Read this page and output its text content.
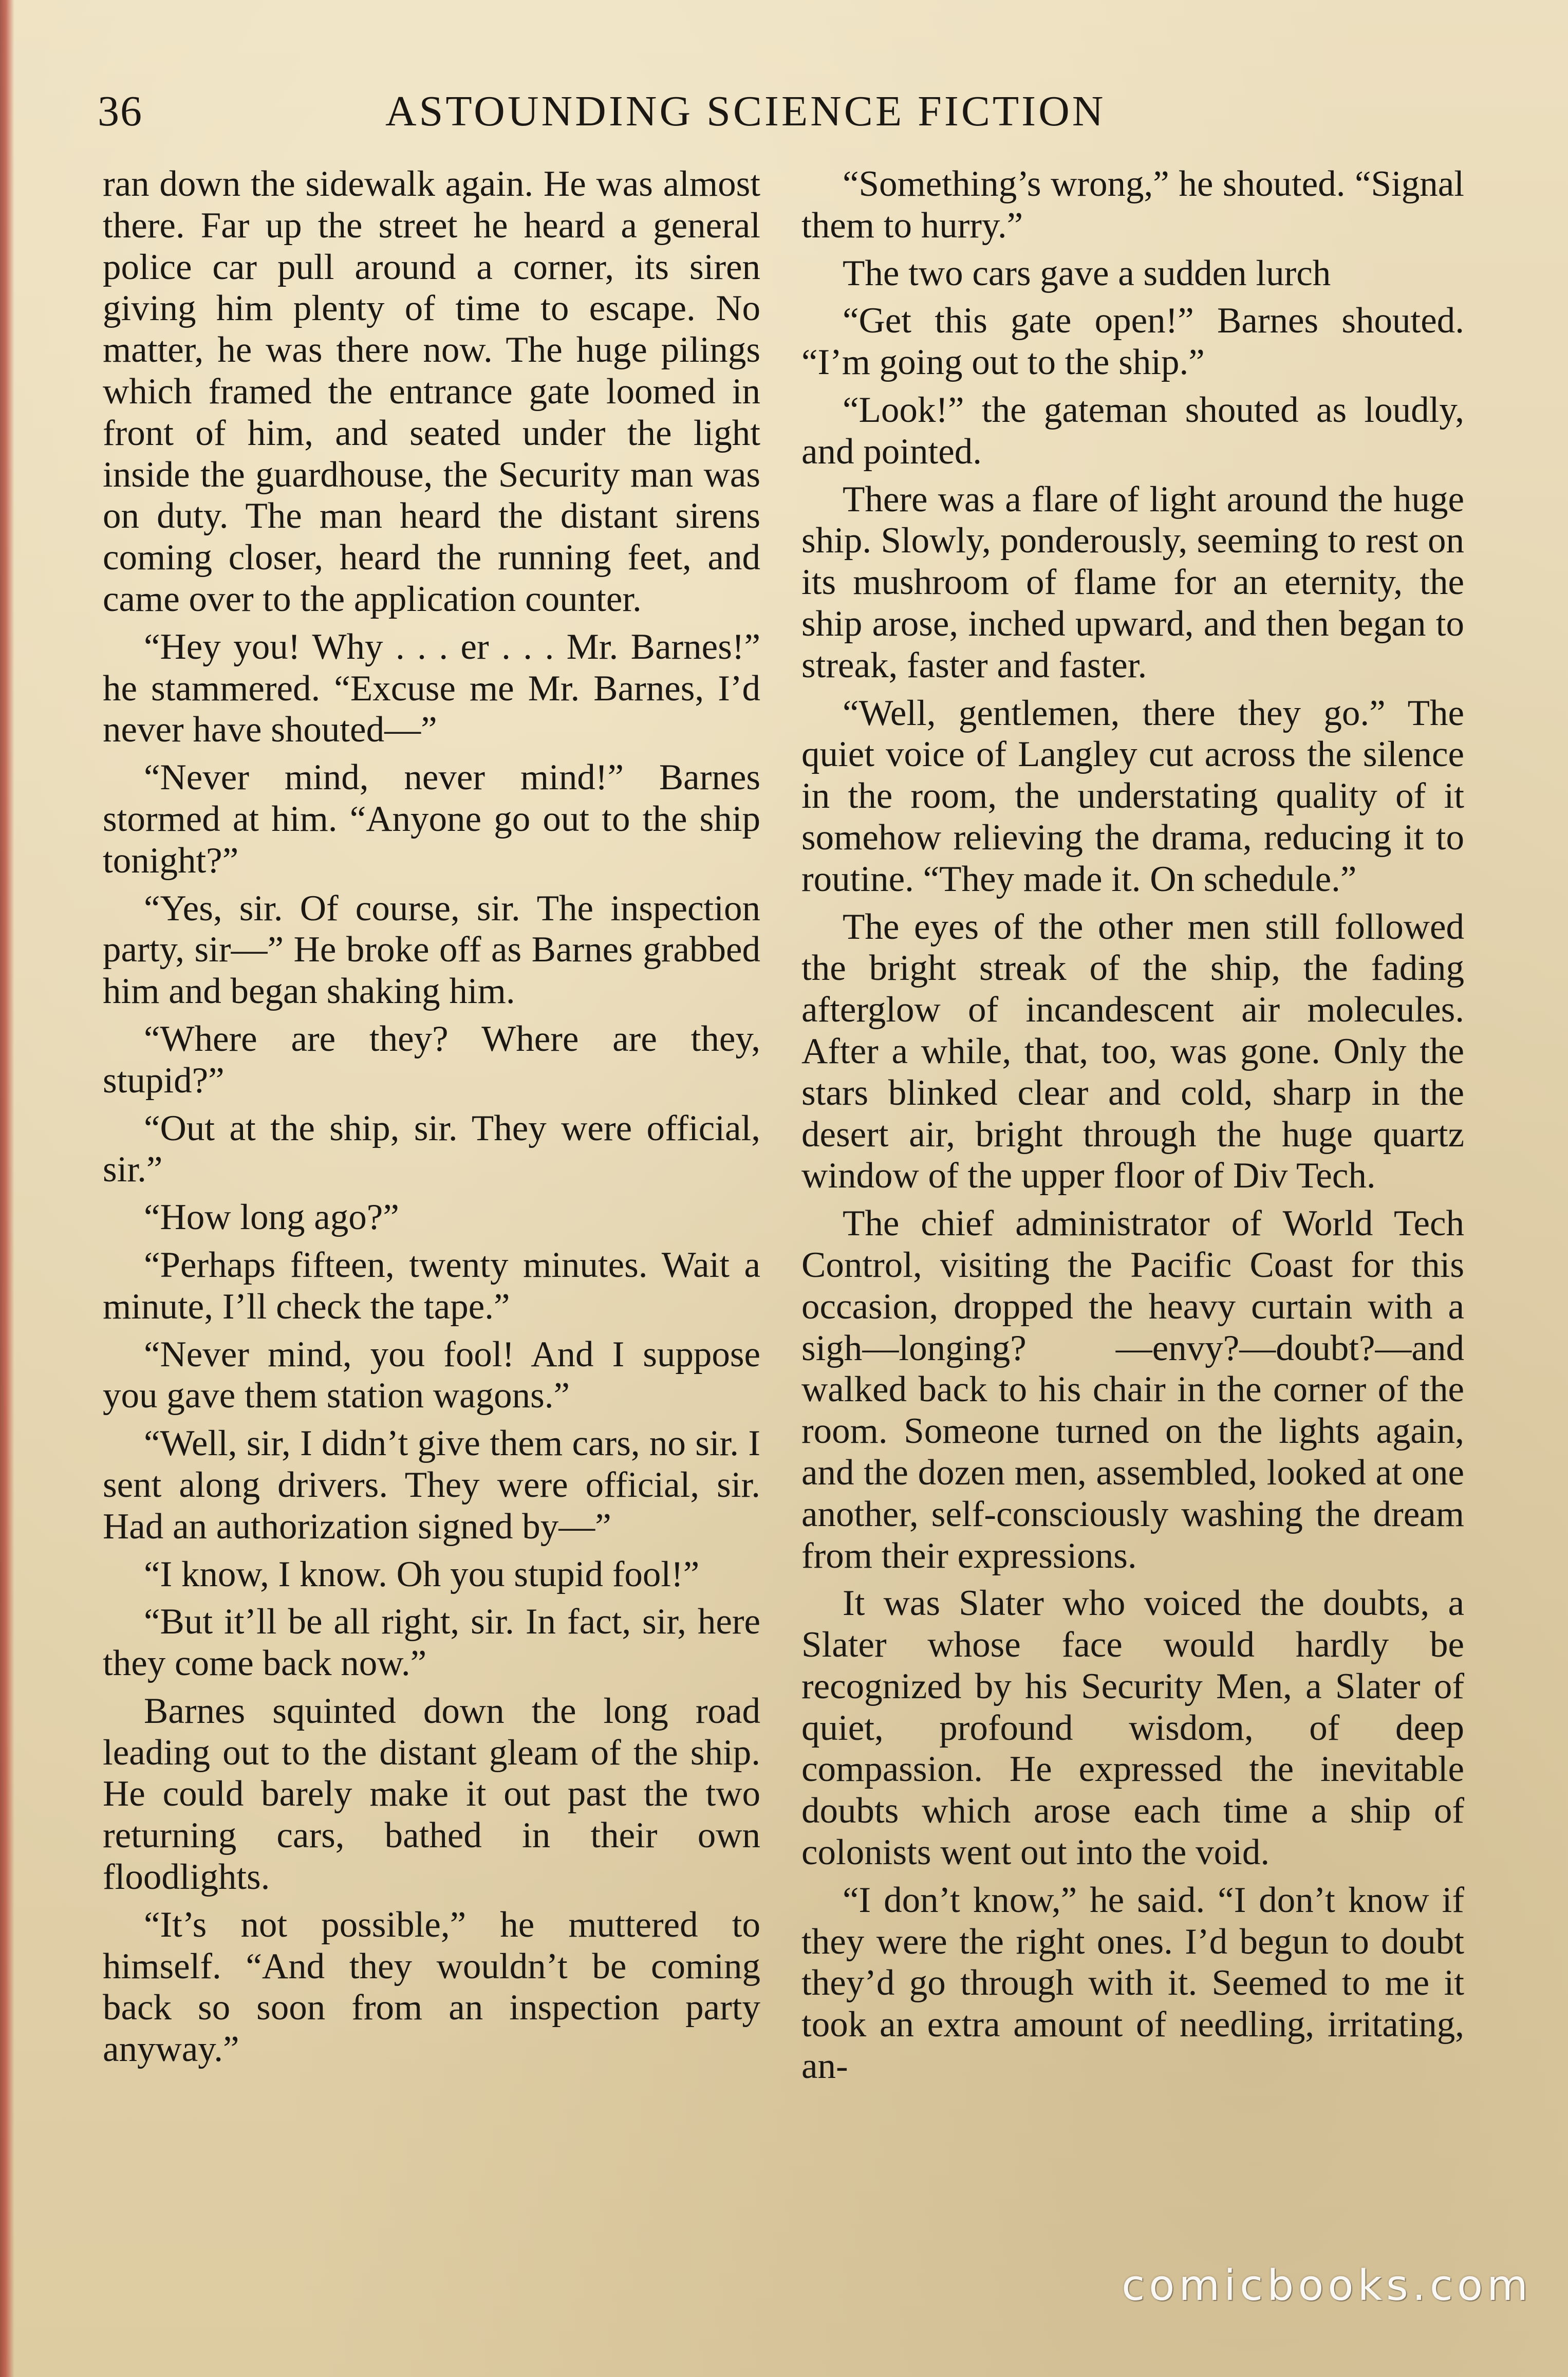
36	ASTOUNDING SCIENCE FICTION

ran down the sidewalk again. He was almost there. Far up the street he heard a general police car pull around a corner, its siren giving him plenty of time to escape. No matter, he was there now. The huge pilings which framed the entrance gate loomed in front of him, and seated under the light inside the guardhouse, the Security man was on duty. The man heard the distant sirens coming closer, heard the running feet, and came over to the application counter.

“Hey you! Why . . . er . . . Mr. Barnes!” he stammered. “Excuse me Mr. Barnes, I’d never have shouted—”

“Never mind, never mind!” Barnes stormed at him. “Anyone go out to the ship tonight?”

“Yes, sir. Of course, sir. The inspection party, sir—” He broke off as Barnes grabbed him and began shaking him.

“Where are they? Where are they, stupid?”

“Out at the ship, sir. They were official, sir.”

“How long ago?”

“Perhaps fifteen, twenty minutes. Wait a minute, I’ll check the tape.”

“Never mind, you fool! And I suppose you gave them station wagons.”

“Well, sir, I didn’t give them cars, no sir. I sent along drivers. They were official, sir. Had an authorization signed by—”

“I know, I know. Oh you stupid fool!”

“But it’ll be all right, sir. In fact, sir, here they come back now.”

Barnes squinted down the long road leading out to the distant gleam of the ship. He could barely make it out past the two returning cars, bathed in their own floodlights.

“It’s not possible,” he muttered to himself. “And they wouldn’t be coming back so soon from an inspection party anyway.”

“Something’s wrong,” he shouted. “Signal them to hurry.”

The two cars gave a sudden lurch

“Get this gate open!” Barnes shouted. “I’m going out to the ship.”

“Look!” the gateman shouted as loudly, and pointed.

There was a flare of light around the huge ship. Slowly, ponderously, seeming to rest on its mushroom of flame for an eternity, the ship arose, inched upward, and then began to streak, faster and faster.

“Well, gentlemen, there they go.” The quiet voice of Langley cut across the silence in the room, the understating quality of it somehow relieving the drama, reducing it to routine. “They made it. On schedule.”

The eyes of the other men still followed the bright streak of the ship, the fading afterglow of incandescent air molecules. After a while, that, too, was gone. Only the stars blinked clear and cold, sharp in the desert air, bright through the huge quartz window of the upper floor of Div Tech.

The chief administrator of World Tech Control, visiting the Pacific Coast for this occasion, dropped the heavy curtain with a sigh—longing? —envy?—doubt?—and walked back to his chair in the corner of the room. Someone turned on the lights again, and the dozen men, assembled, looked at one another, self-consciously washing the dream from their expressions.

It was Slater who voiced the doubts, a Slater whose face would hardly be recognized by his Security Men, a Slater of quiet, profound wisdom, of deep compassion. He expressed the inevitable doubts which arose each time a ship of colonists went out into the void.

“I don’t know,” he said. “I don’t know if they were the right ones. I’d begun to doubt they’d go through with it. Seemed to me it took an extra amount of needling, irritating, an-

comicbooks.com
